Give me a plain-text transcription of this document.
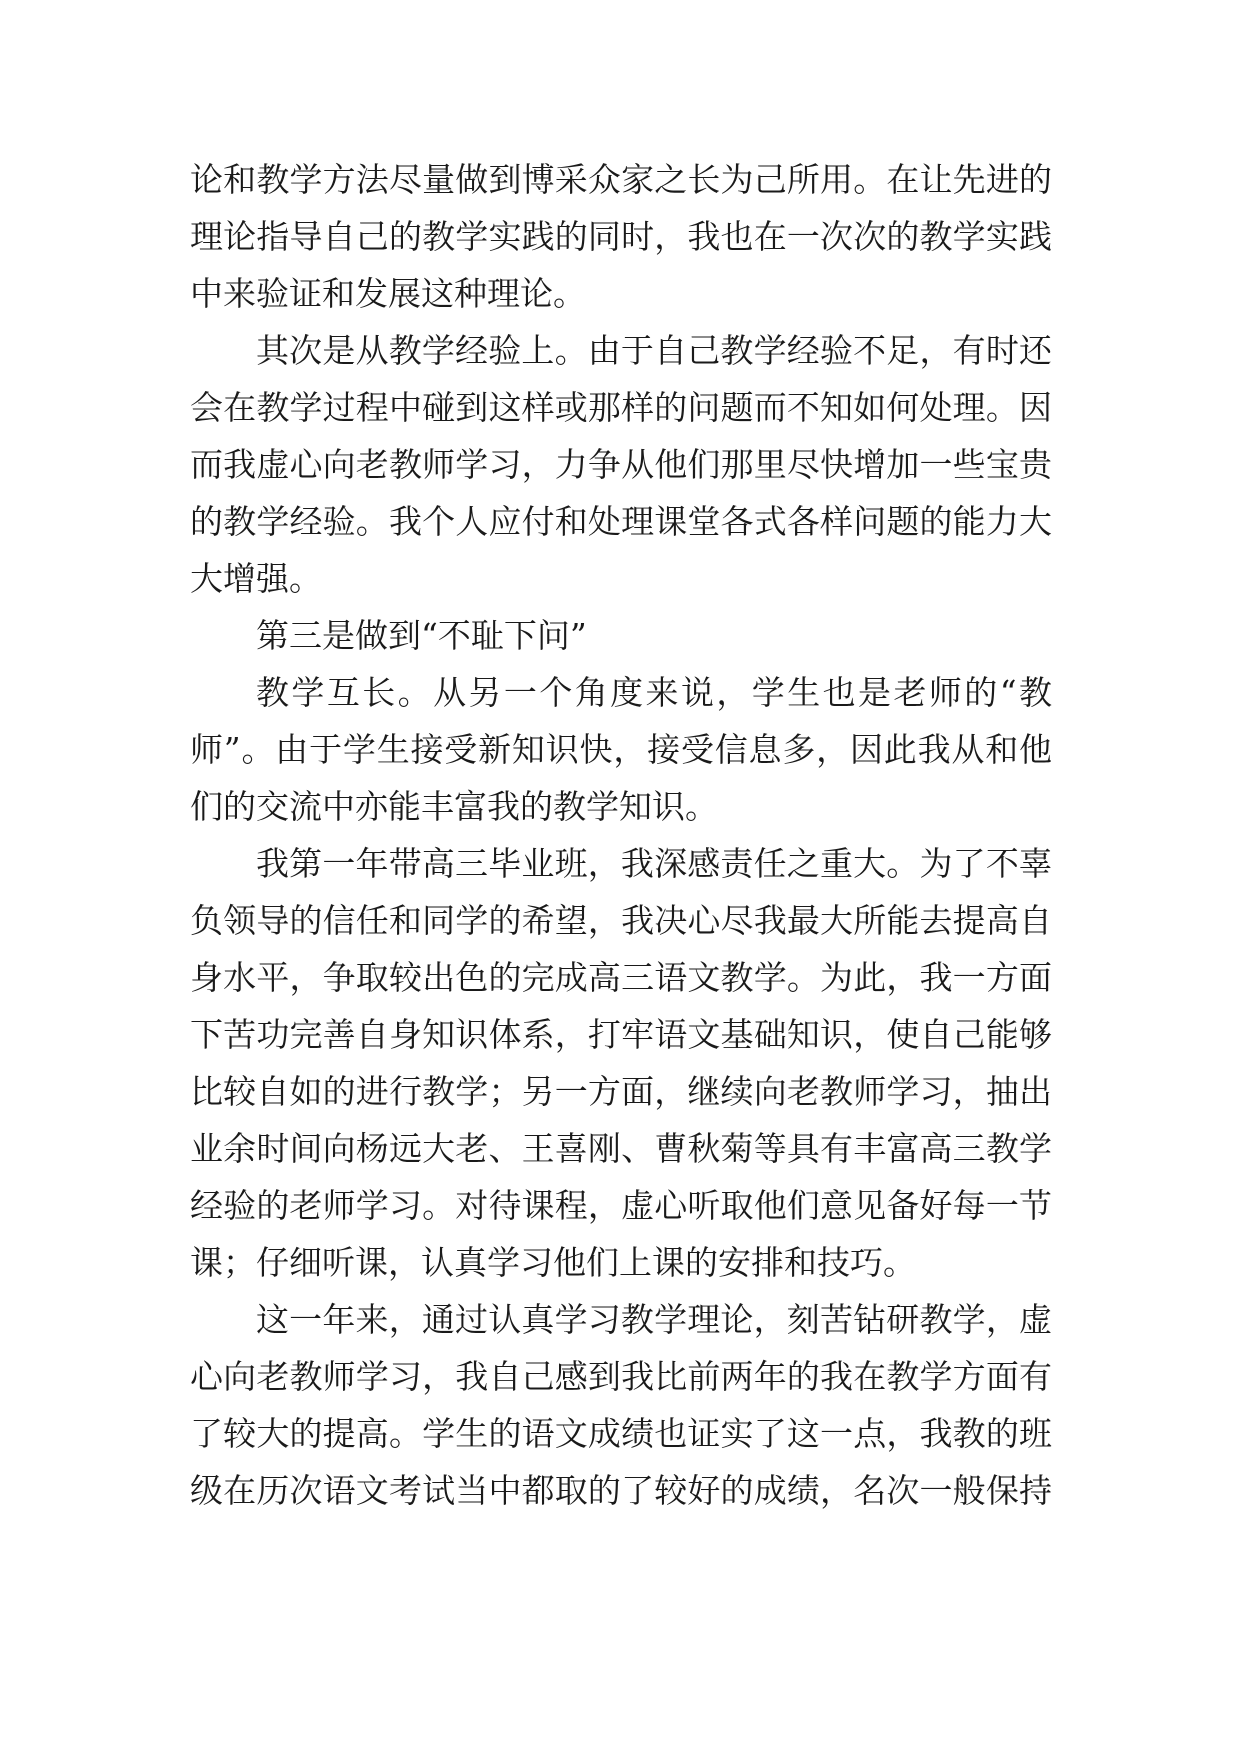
论和教学方法尽量做到博采众家之长为己所用。在让先进的
理论指导自己的教学实践的同时，我也在一次次的教学实践
中来验证和发展这种理论。
其次是从教学经验上。由于自己教学经验不足，有时还
会在教学过程中碰到这样或那样的问题而不知如何处理。因
而我虚心向老教师学习，力争从他们那里尽快增加一些宝贵
的教学经验。我个人应付和处理课堂各式各样问题的能力大
大增强。
第三是做到“不耻下问”
教学互长。从另一个角度来说，学生也是老师的“教
师”。由于学生接受新知识快，接受信息多，因此我从和他
们的交流中亦能丰富我的教学知识。
我第一年带高三毕业班，我深感责任之重大。为了不辜
负领导的信任和同学的希望，我决心尽我最大所能去提高自
身水平，争取较出色的完成高三语文教学。为此，我一方面
下苦功完善自身知识体系，打牢语文基础知识，使自己能够
比较自如的进行教学；另一方面，继续向老教师学习，抽出
业余时间向杨远大老、王喜刚、曹秋菊等具有丰富高三教学
经验的老师学习。对待课程，虚心听取他们意见备好每一节
课；仔细听课，认真学习他们上课的安排和技巧。
这一年来，通过认真学习教学理论，刻苦钻研教学，虚
心向老教师学习，我自己感到我比前两年的我在教学方面有
了较大的提高。学生的语文成绩也证实了这一点，我教的班
级在历次语文考试当中都取的了较好的成绩，名次一般保持
